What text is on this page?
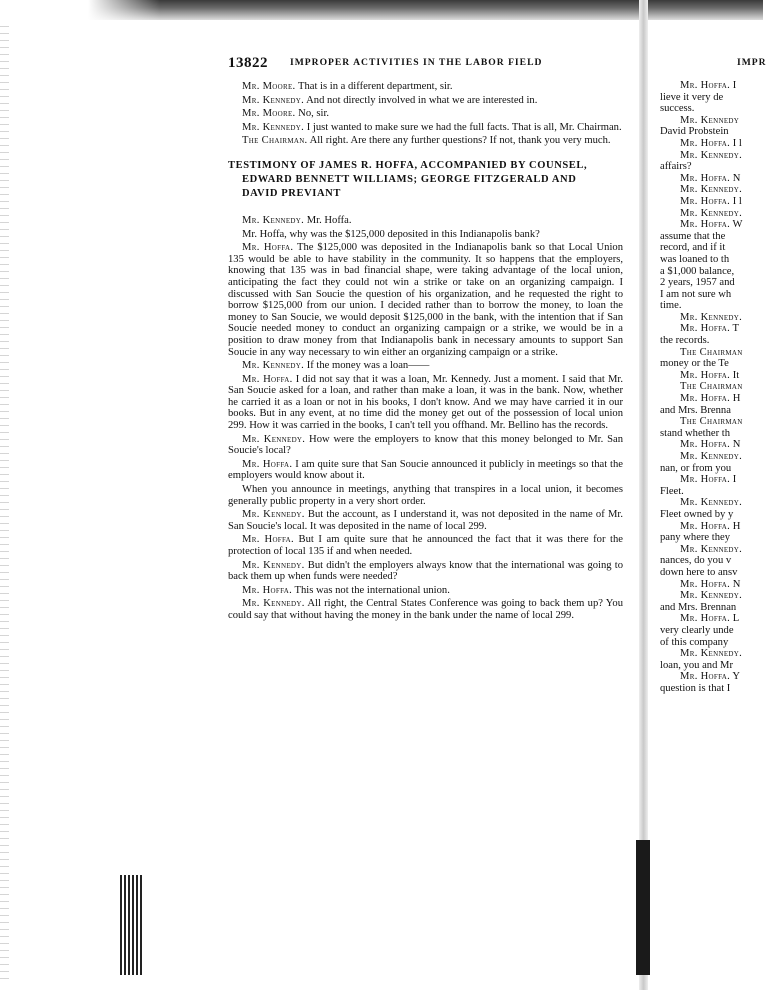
13822 IMPROPER ACTIVITIES IN THE LABOR FIELD	IMPR

Mr. Moore. That is in a different department, sir.

Mr. Kennedy. And not directly involved in what we are interested in.

Mr. Moore. No, sir.

Mr. Kennedy. I just wanted to make sure we had the full facts. That is all, Mr. Chairman.

The Chairman. All right. Are there any further questions? If not, thank you very much.

TESTIMONY OF JAMES R. HOFFA, ACCOMPANIED BY COUNSEL,
EDWARD BENNETT WILLIAMS; GEORGE FITZGERALD AND
DAVID PREVIANT

Mr. Kennedy. Mr. Hoffa.

Mr. Hoffa, why was the $125,000 deposited in this Indianapolis bank?

Mr. Hoffa. The $125,000 was deposited in the Indianapolis bank so that Local Union 135 would be able to have stability in the community. It so happens that the employers, knowing that 135 was in bad financial shape, were taking advantage of the local union, anticipating the fact they could not win a strike or take on an organizing campaign. I discussed with San Soucie the question of his organization, and he requested the right to borrow $125,000 from our union. I decided rather than to borrow the money, to loan the money to San Soucie, we would deposit $125,000 in the bank, with the intention that if San Soucie needed money to conduct an organizing campaign or a strike, we would be in a position to draw money from that Indianapolis bank in necessary amounts to support San Soucie in any way necessary to win either an organizing campaign or a strike.

Mr. Kennedy. If the money was a loan——

Mr. Hoffa. I did not say that it was a loan, Mr. Kennedy. Just a moment. I said that Mr. San Soucie asked for a loan, and rather than make a loan, it was in the bank. Now, whether he carried it as a loan or not in his books, I don't know. And we may have carried it in our books. But in any event, at no time did the money get out of the possession of local union 299. How it was carried in the books, I can't tell you offhand. Mr. Bellino has the records.

Mr. Kennedy. How were the employers to know that this money belonged to Mr. San Soucie's local?

Mr. Hoffa. I am quite sure that San Soucie announced it publicly in meetings so that the employers would know about it.

When you announce in meetings, anything that transpires in a local union, it becomes generally public property in a very short order.

Mr. Kennedy. But the account, as I understand it, was not deposited in the name of Mr. San Soucie's local. It was deposited in the name of local 299.

Mr. Hoffa. But I am quite sure that he announced the fact that it was there for the protection of local 135 if and when needed.

Mr. Kennedy. But didn't the employers always know that the international was going to back them up when funds were needed?

Mr. Hoffa. This was not the international union.

Mr. Kennedy. All right, the Central States Conference was going to back them up? You could say that without having the money in the bank under the name of local 299.

Mr. Hoffa. I
lieve it very de
success.
Mr. Kennedy
David Probstein
Mr. Hoffa. I l
Mr. Kennedy.
affairs?
Mr. Hoffa. N
Mr. Kennedy.
Mr. Hoffa. I l
Mr. Kennedy.
Mr. Hoffa. W
assume that the
record, and if it
was loaned to th
a $1,000 balance,
2 years, 1957 and
I am not sure wh
time.
Mr. Kennedy.
Mr. Hoffa. T
the records.
The Chairman
money or the Te
Mr. Hoffa. It
The Chairman
Mr. Hoffa. H
and Mrs. Brenna
The Chairman
stand whether th
Mr. Hoffa. N
Mr. Kennedy.
nan, or from you
Mr. Hoffa. I
Fleet.
Mr. Kennedy.
Fleet owned by y
Mr. Hoffa. H
pany where they
Mr. Kennedy.
nances, do you v
down here to ansv
Mr. Hoffa. N
Mr. Kennedy.
and Mrs. Brennan
Mr. Hoffa. L
very clearly unde
of this company
Mr. Kennedy.
loan, you and Mr
Mr. Hoffa. Y
question is that I
